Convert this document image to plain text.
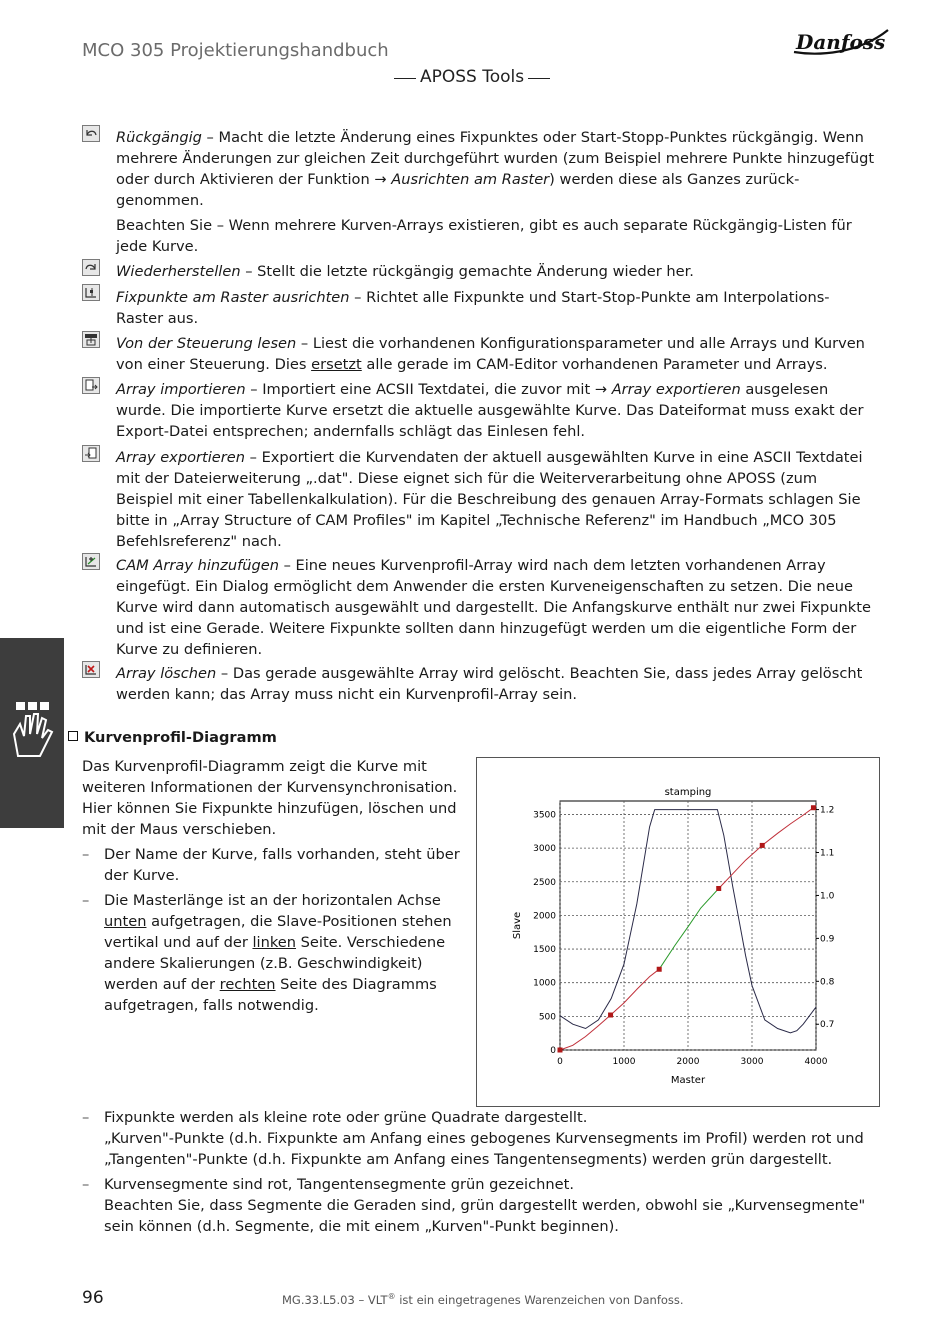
MCO 305 Projektierungshandbuch	Danfoss
APOSS Tools
Rückgängig – Macht die letzte Änderung eines Fixpunktes oder Start-Stopp-Punktes rückgängig. Wenn mehrere Änderungen zur gleichen Zeit durchgeführt wurden (zum Beispiel mehrere Punkte hinzugefügt oder durch Aktivieren der Funktion → Ausrichten am Raster) werden diese als Ganzes zurück-genommen.
Beachten Sie – Wenn mehrere Kurven-Arrays existieren, gibt es auch separate Rückgängig-Listen für jede Kurve.
Wiederherstellen – Stellt die letzte rückgängig gemachte Änderung wieder her.
Fixpunkte am Raster ausrichten – Richtet alle Fixpunkte und Start-Stop-Punkte am Interpolations-Raster aus.
Von der Steuerung lesen – Liest die vorhandenen Konfigurationsparameter und alle Arrays und Kurven von einer Steuerung. Dies ersetzt alle gerade im CAM-Editor vorhandenen Parameter und Arrays.
Array importieren – Importiert eine ACSII Textdatei, die zuvor mit → Array exportieren ausgelesen wurde. Die importierte Kurve ersetzt die aktuelle ausgewählte Kurve. Das Dateiformat muss exakt der Export-Datei entsprechen; andernfalls schlägt das Einlesen fehl.
Array exportieren – Exportiert die Kurvendaten der aktuell ausgewählten Kurve in eine ASCII Textdatei mit der Dateierweiterung „.dat". Diese eignet sich für die Weiterverarbeitung ohne APOSS (zum Beispiel mit einer Tabellenkalkulation). Für die Beschreibung des genauen Array-Formats schlagen Sie bitte in „Array Structure of CAM Profiles" im Kapitel „Technische Referenz" im Handbuch „MCO 305 Befehlsreferenz" nach.
CAM Array hinzufügen – Eine neues Kurvenprofil-Array wird nach dem letzten vorhandenen Array eingefügt. Ein Dialog ermöglicht dem Anwender die ersten Kurveneigenschaften zu setzen. Die neue Kurve wird dann automatisch ausgewählt und dargestellt. Die Anfangskurve enthält nur zwei Fixpunkte und ist eine Gerade. Weitere Fixpunkte sollten dann hinzugefügt werden um die eigentliche Form der Kurve zu definieren.
Array löschen – Das gerade ausgewählte Array wird gelöscht. Beachten Sie, dass jedes Array gelöscht werden kann; das Array muss nicht ein Kurvenprofil-Array sein.
Kurvenprofil-Diagramm
Das Kurvenprofil-Diagramm zeigt die Kurve mit weiteren Informationen der Kurvensynchronisation. Hier können Sie Fixpunkte hinzufügen, löschen und mit der Maus verschieben.
– Der Name der Kurve, falls vorhanden, steht über der Kurve.
– Die Masterlänge ist an der horizontalen Achse unten aufgetragen, die Slave-Positionen stehen vertikal und auf der linken Seite. Verschiedene andere Skalierungen (z.B. Geschwindigkeit) werden auf der rechten Seite des Diagramms aufgetragen, falls notwendig.
0	1000	2000	3000	4000
0
500
1000
1500
2000
2500
3000
3500
0.7
0.8
0.9
1.0
1.1
1.2
stamping
Master
Slave
– Fixpunkte werden als kleine rote oder grüne Quadrate dargestellt.
„Kurven"-Punkte (d.h. Fixpunkte am Anfang eines gebogenes Kurvensegments im Profil) werden rot und „Tangenten"-Punkte (d.h. Fixpunkte am Anfang eines Tangentensegments) werden grün dargestellt.
– Kurvensegmente sind rot, Tangentensegmente grün gezeichnet.
Beachten Sie, dass Segmente die Geraden sind, grün dargestellt werden, obwohl sie „Kurvensegmente" sein können (d.h. Segmente, die mit einem „Kurven"-Punkt beginnen).
96	MG.33.L5.03 – VLT® ist ein eingetragenes Warenzeichen von Danfoss.
